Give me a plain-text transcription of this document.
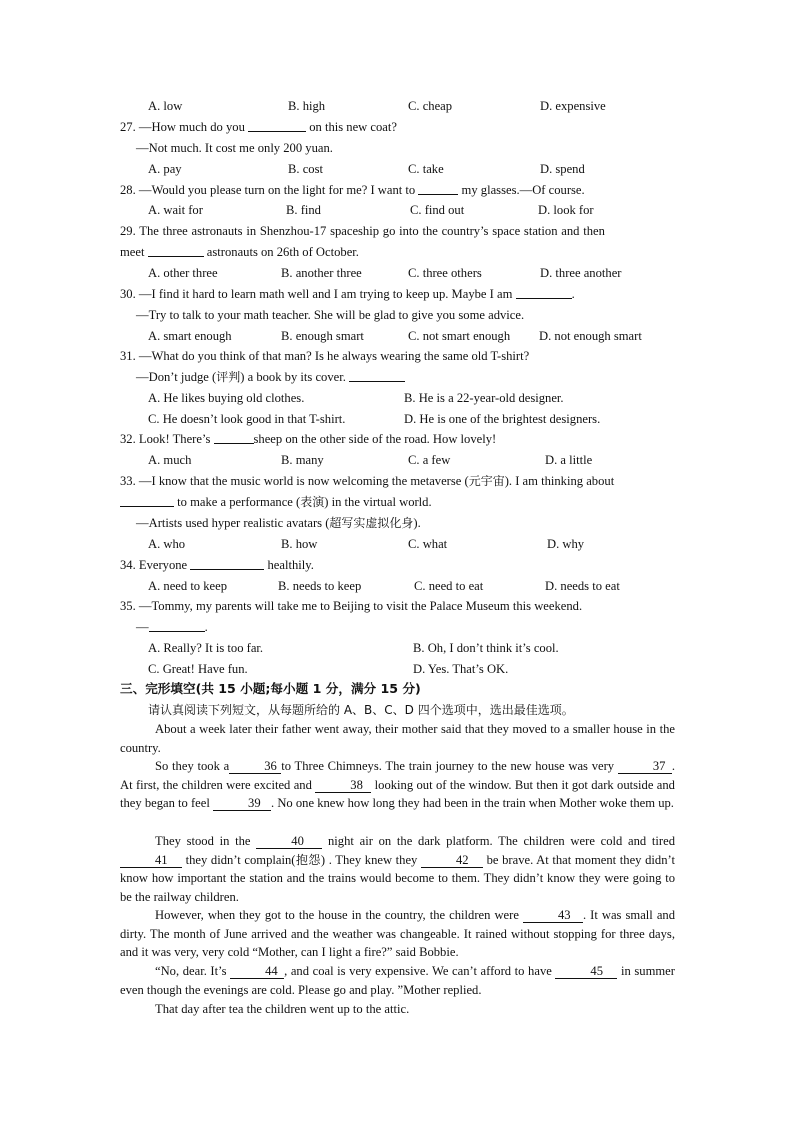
A. low	B. high	C. cheap	D. expensive
27. —How much do you	on this new coat?
—Not much. It cost me only 200 yuan.
A. pay	B. cost	C. take	D. spend
28. —Would you please turn on the light for me? I want to	my glasses.—Of course.
A. wait for	B. find	C. find out	D. look for
29. The three astronauts in Shenzhou-17 spaceship go into the country’s space station and then
meet	astronauts on 26th of October.
A. other three	B. another three	C. three others	D. three another
30. —I find it hard to learn math well and I am trying to keep up. Maybe I am	.
—Try to talk to your math teacher. She will be glad to give you some advice.
A. smart enough	B. enough smart	C. not smart enough D. not enough smart
31. —What do you think of that man? Is he always wearing the same old T-shirt?
—Don’t judge (评判) a book by its cover.
A. He likes buying old clothes.	B. He is a 22-year-old designer.
C. He doesn’t look good in that T-shirt.	D. He is one of the brightest designers.
32. Look! There’s	sheep on the other side of the road. How lovely!
A. much	B. many	C. a few	D. a little
33. —I know that the music world is now welcoming the metaverse (元宇宙). I am thinking about
to make a performance (表演) in the virtual world.
—Artists used hyper realistic avatars (超写实虚拟化身).
A. who	B. how	C. what	D. why
34. Everyone	healthily.
A. need to keep	B. needs to keep	C. need to eat	D. needs to eat
35. —Tommy, my parents will take me to Beijing to visit the Palace Museum this weekend.
—	.
A. Really? It is too far.	B. Oh, I don’t think it’s cool.
C. Great! Have fun.	D. Yes. That’s OK.
三、完形填空(共 15 小题;每小题 1 分，满分 15 分)
请认真阅读下列短文，从每题所给的 A、B、C、D 四个选项中，选出最佳选项。
About a week later their father went away, their mother said that they moved to a smaller house in the country.
So they took a	36 to Three Chimneys. The train journey to the new house was very	37 . At first, the children were excited and	38 looking out of the window. But then it got dark outside and they began to feel	39 . No one knew how long they had been in the train when Mother woke them up.
They stood in the	40 night air on the dark platform. The children were cold and tired 41 they didn’t complain(抱怨) . They knew they	42 be brave. At that moment they didn’t know how important the station and the trains would become to them. They didn’t know they were going to be the railway children.
However, when they got to the house in the country, the children were	43 . It was small and dirty. The month of June arrived and the weather was changeable. It rained without stopping for three days, and it was very, very cold “Mother, can I light a fire?” said Bobbie.
“No, dear. It’s	44 , and coal is very expensive. We can’t afford to have	45 in summer even though the evenings are cold. Please go and play. ”Mother replied.
That day after tea the children went up to the attic.
